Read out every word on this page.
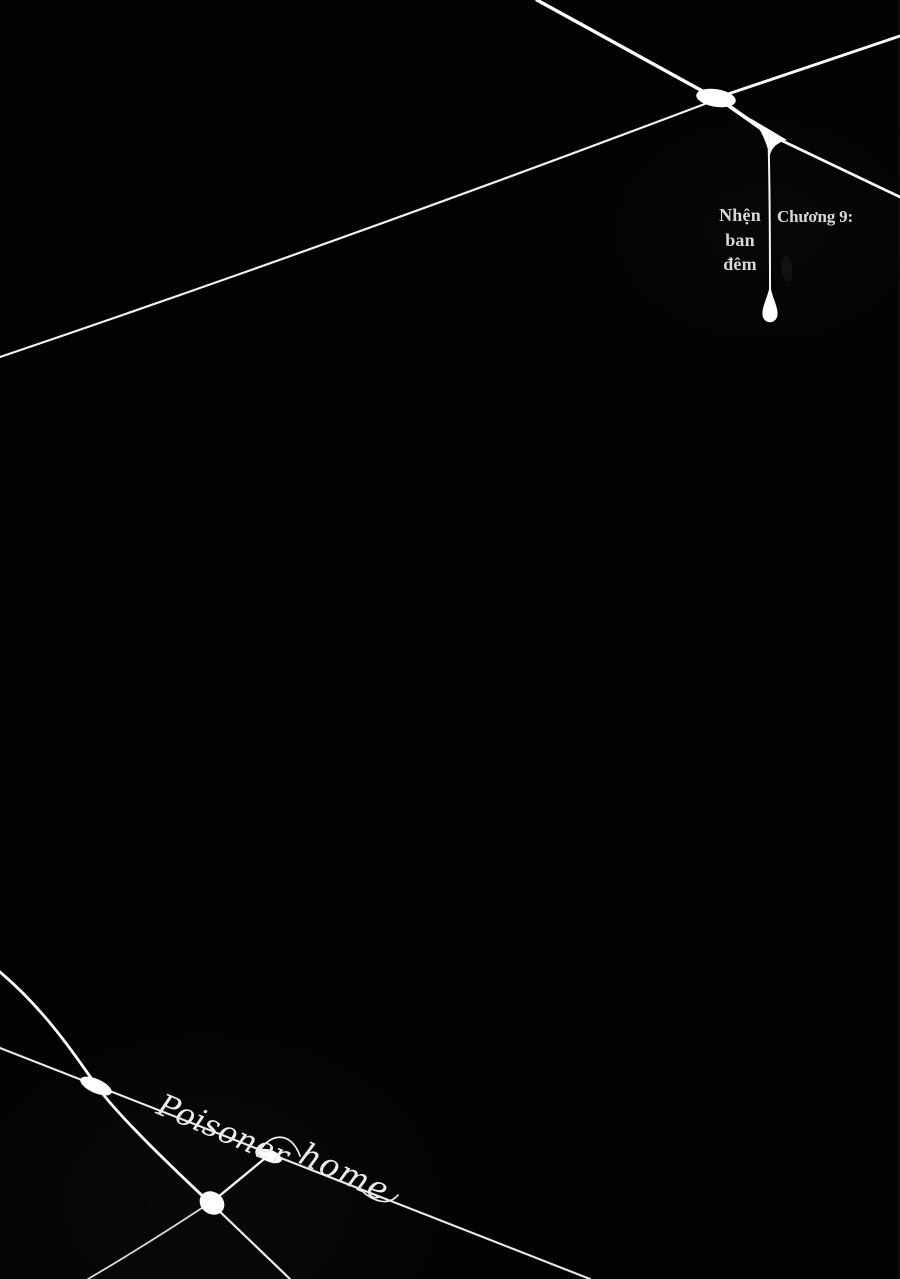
Poisoner
home
Nhện
ban
đêm
Chương 9:
